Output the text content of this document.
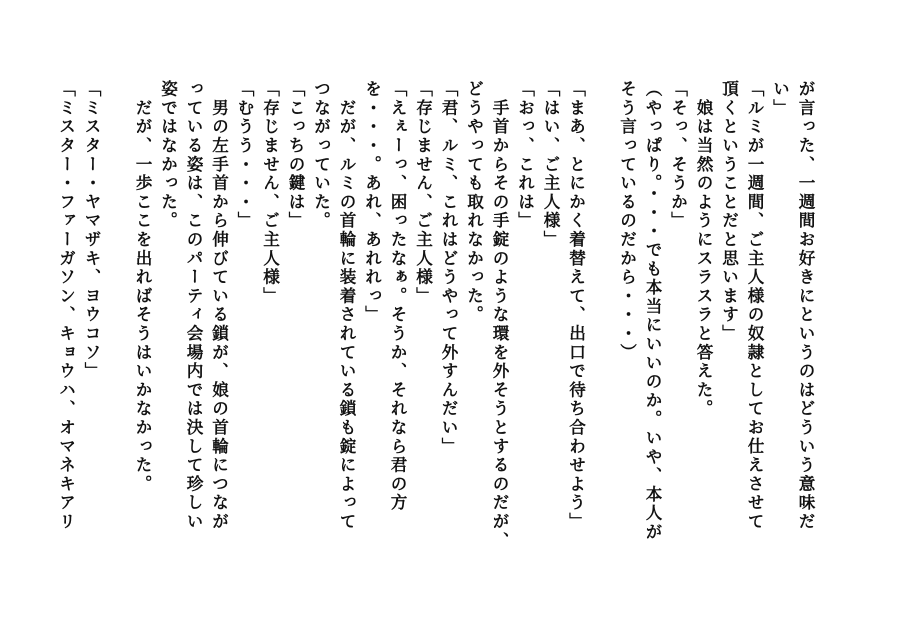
が言った、一週間お好きにというのはどういう意味だ
い」
「ルミが一週間、ご主人様の奴隷としてお仕えさせて
頂くということだと思います」
　娘は当然のようにスラスラと答えた。
「そっ、そうか」
（やっぱり。・・・でも本当にいいのか。いや、本人が
そう言っているのだから・・・）
「まあ、とにかく着替えて、出口で待ち合わせよう」
「はい、ご主人様」
「おっ、これは」
　手首からその手錠のような環を外そうとするのだが、
どうやっても取れなかった。
「君、ルミ、これはどうやって外すんだい」
「存じません、ご主人様」
「えぇーっ、困ったなぁ。そうか、それなら君の方
を・・・。あれ、あれれっ」
　だが、ルミの首輪に装着されている鎖も錠によって
つながっていた。
「こっちの鍵は」
「存じません、ご主人様」
「むうう・・・」
　男の左手首から伸びている鎖が、娘の首輪につなが
っている姿は、このパーティ会場内では決して珍しい
姿ではなかった。
　だが、一歩ここを出ればそうはいかなかった。
「ミスター・ヤマザキ、ヨウコソ」
「ミスター・ファーガソン、キョウハ、オマネキアリ
